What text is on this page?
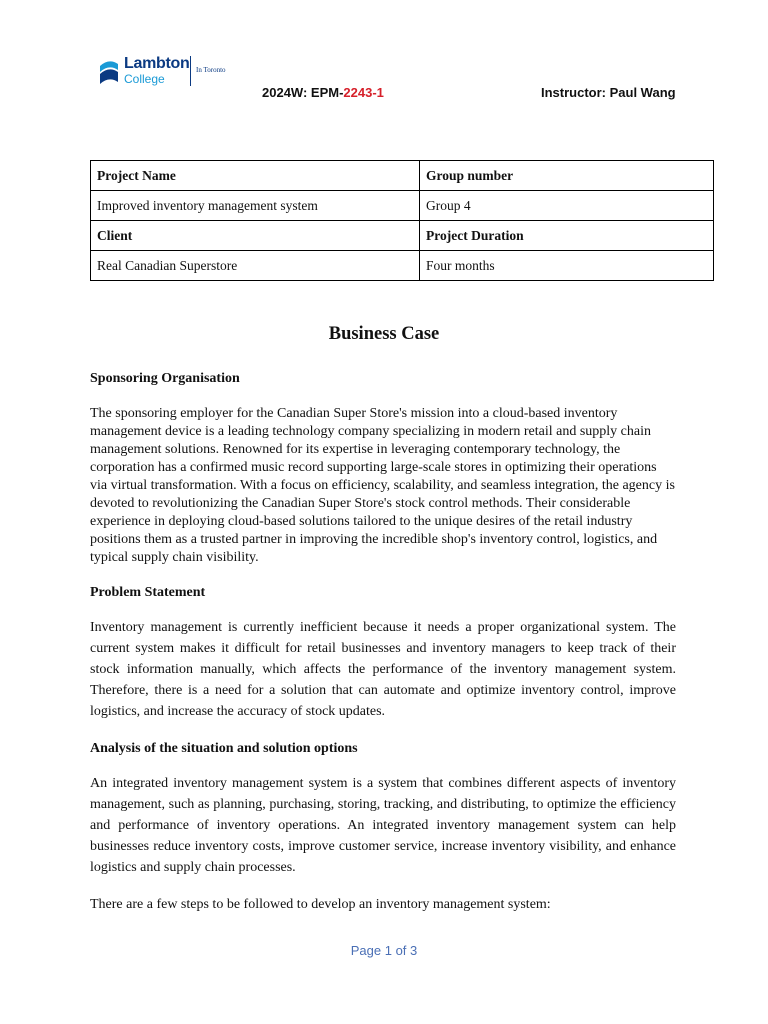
Lambton
College
In Toronto
2024W: EPM-2243-1	Instructor: Paul Wang
Project Name	Group number
Improved inventory management system	Group 4
Client	Project Duration
Real Canadian Superstore	Four months
Business Case
Sponsoring Organisation

The sponsoring employer for the Canadian Super Store's mission into a cloud-based inventory management device is a leading technology company specializing in modern retail and supply chain management solutions. Renowned for its expertise in leveraging contemporary technology, the corporation has a confirmed music record supporting large-scale stores in optimizing their operations via virtual transformation. With a focus on efficiency, scalability, and seamless integration, the agency is devoted to revolutionizing the Canadian Super Store's stock control methods. Their considerable experience in deploying cloud-based solutions tailored to the unique desires of the retail industry positions them as a trusted partner in improving the incredible shop's inventory control, logistics, and typical supply chain visibility.

Problem Statement

Inventory management is currently inefficient because it needs a proper organizational system. The current system makes it difficult for retail businesses and inventory managers to keep track of their stock information manually, which affects the performance of the inventory management system. Therefore, there is a need for a solution that can automate and optimize inventory control, improve logistics, and increase the accuracy of stock updates.

Analysis of the situation and solution options

An integrated inventory management system is a system that combines different aspects of inventory management, such as planning, purchasing, storing, tracking, and distributing, to optimize the efficiency and performance of inventory operations. An integrated inventory management system can help businesses reduce inventory costs, improve customer service, increase inventory visibility, and enhance logistics and supply chain processes.

There are a few steps to be followed to develop an inventory management system:

Page 1 of 3
